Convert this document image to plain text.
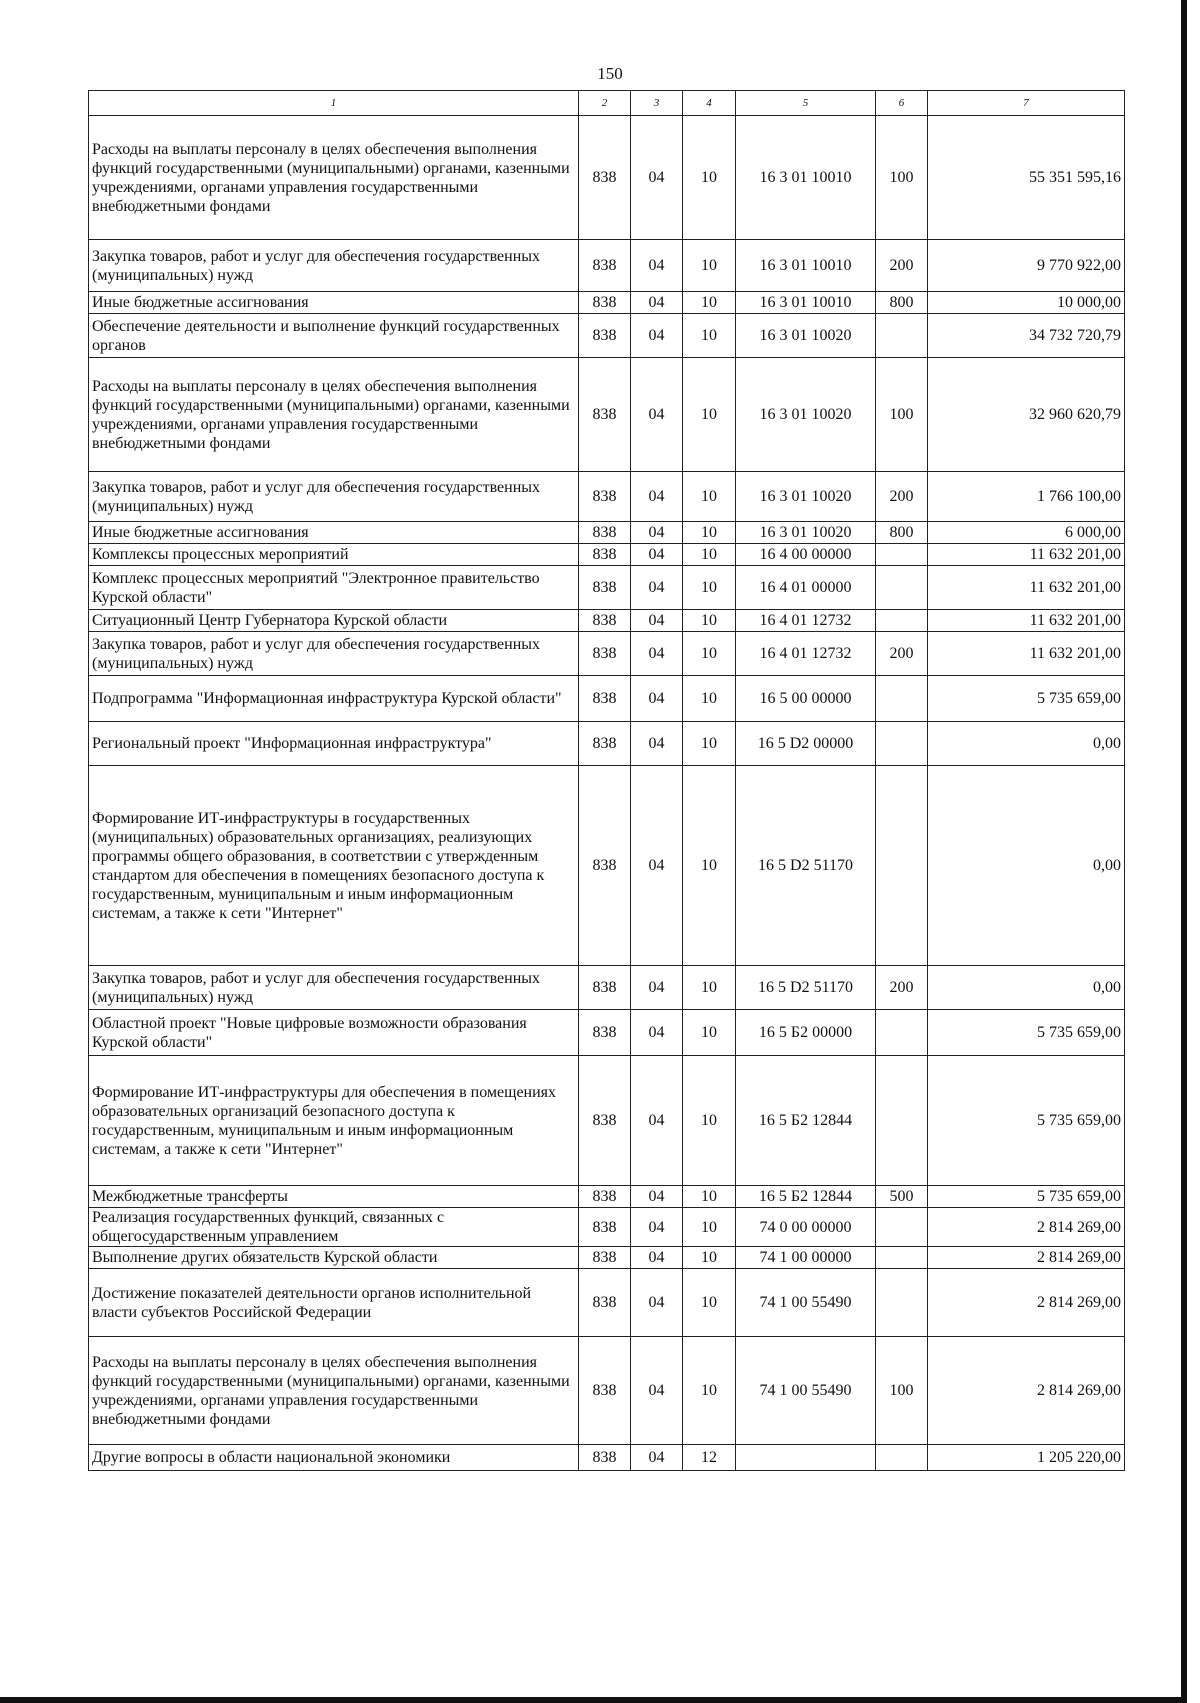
150
1	2	3	4	5	6	7
Расходы на выплаты персоналу в целях обеспечения выполнения функций государственными (муниципальными) органами, казенными учреждениями, органами управления государственными внебюджетными фондами	838	04	10	16 3 01 10010	100	55 351 595,16
Закупка товаров, работ и услуг для обеспечения государственных (муниципальных) нужд	838	04	10	16 3 01 10010	200	9 770 922,00
Иные бюджетные ассигнования	838	04	10	16 3 01 10010	800	10 000,00
Обеспечение деятельности и выполнение функций государственных органов	838	04	10	16 3 01 10020		34 732 720,79
Расходы на выплаты персоналу в целях обеспечения выполнения функций государственными (муниципальными) органами, казенными учреждениями, органами управления государственными внебюджетными фондами	838	04	10	16 3 01 10020	100	32 960 620,79
Закупка товаров, работ и услуг для обеспечения государственных (муниципальных) нужд	838	04	10	16 3 01 10020	200	1 766 100,00
Иные бюджетные ассигнования	838	04	10	16 3 01 10020	800	6 000,00
Комплексы процессных мероприятий	838	04	10	16 4 00 00000		11 632 201,00
Комплекс процессных мероприятий "Электронное правительство Курской области"	838	04	10	16 4 01 00000		11 632 201,00
Ситуационный Центр Губернатора Курской области	838	04	10	16 4 01 12732		11 632 201,00
Закупка товаров, работ и услуг для обеспечения государственных (муниципальных) нужд	838	04	10	16 4 01 12732	200	11 632 201,00
Подпрограмма "Информационная инфраструктура Курской области"	838	04	10	16 5 00 00000		5 735 659,00
Региональный проект "Информационная инфраструктура"	838	04	10	16 5 D2 00000		0,00
Формирование ИТ-инфраструктуры в государственных (муниципальных) образовательных организациях, реализующих программы общего образования, в соответствии с утвержденным стандартом для обеспечения в помещениях безопасного доступа к государственным, муниципальным и иным информационным системам, а также к сети "Интернет"	838	04	10	16 5 D2 51170		0,00
Закупка товаров, работ и услуг для обеспечения государственных (муниципальных) нужд	838	04	10	16 5 D2 51170	200	0,00
Областной проект "Новые цифровые возможности образования Курской области"	838	04	10	16 5 Б2 00000		5 735 659,00
Формирование ИТ-инфраструктуры для обеспечения в помещениях образовательных организаций безопасного доступа к государственным, муниципальным и иным информационным системам, а также к сети "Интернет"	838	04	10	16 5 Б2 12844		5 735 659,00
Межбюджетные трансферты	838	04	10	16 5 Б2 12844	500	5 735 659,00
Реализация государственных функций, связанных с общегосударственным управлением	838	04	10	74 0 00 00000		2 814 269,00
Выполнение других обязательств Курской области	838	04	10	74 1 00 00000		2 814 269,00
Достижение показателей деятельности органов исполнительной власти субъектов Российской Федерации	838	04	10	74 1 00 55490		2 814 269,00
Расходы на выплаты персоналу в целях обеспечения выполнения функций государственными (муниципальными) органами, казенными учреждениями, органами управления государственными внебюджетными фондами	838	04	10	74 1 00 55490	100	2 814 269,00
Другие вопросы в области национальной экономики	838	04	12			1 205 220,00
